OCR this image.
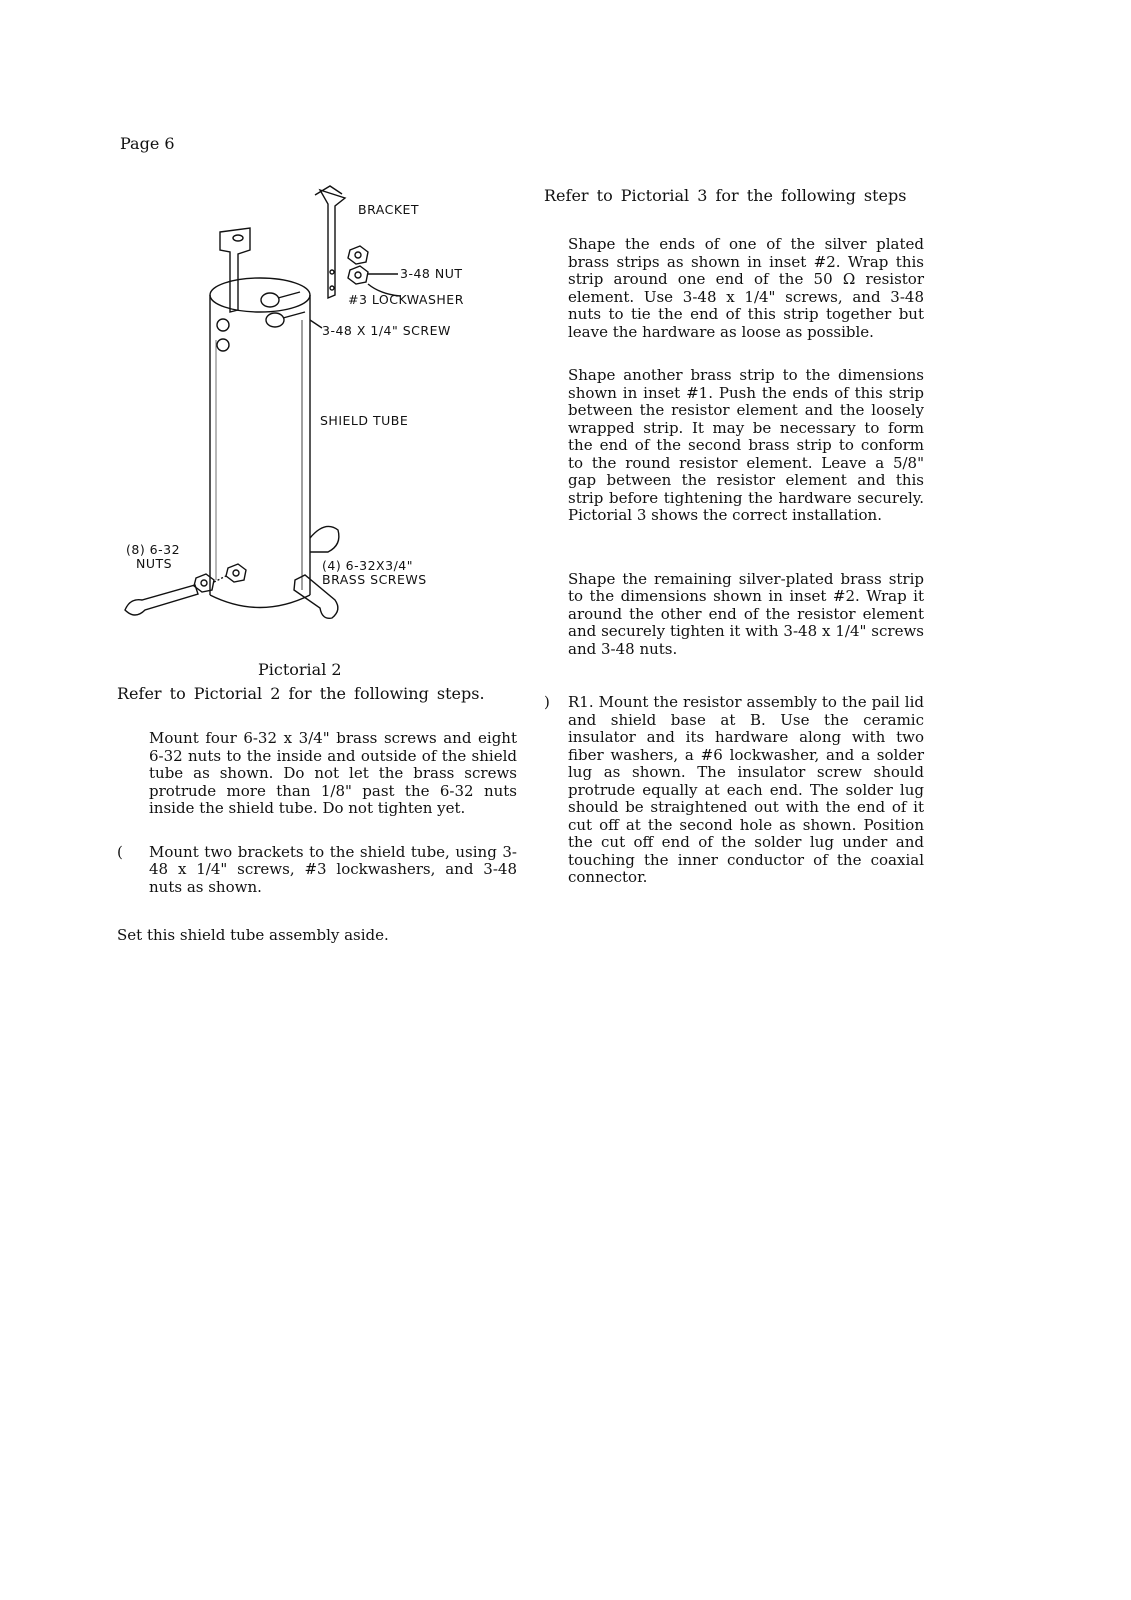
Page 6
BRACKET
3-48 NUT
#3 LOCKWASHER
3-48 X 1/4" SCREW
SHIELD TUBE
(8) 6-32
NUTS	(4) 6-32X3/4"
BRASS SCREWS
Pictorial 2
Refer to Pictorial 2 for the following steps.
Mount four 6-32 x 3/4" brass screws and eight 6-32 nuts to the inside and outside of the shield tube as shown. Do not let the brass screws protrude more than 1/8" past the 6-32 nuts inside the shield tube. Do not tighten yet.
( Mount two brackets to the shield tube, using 3-48 x 1/4" screws, #3 lockwashers, and 3-48 nuts as shown.
Set this shield tube assembly aside.
Refer to Pictorial 3 for the following steps
Shape the ends of one of the silver plated brass strips as shown in inset #2. Wrap this strip around one end of the 50 Ω resistor element. Use 3-48 x 1/4" screws, and 3-48 nuts to tie the end of this strip together but leave the hardware as loose as possible.
Shape another brass strip to the dimensions shown in inset #1. Push the ends of this strip between the resistor element and the loosely wrapped strip. It may be necessary to form the end of the second brass strip to conform to the round resistor element. Leave a 5/8" gap between the resistor element and this strip before tightening the hardware securely. Pictorial 3 shows the correct installation.
Shape the remaining silver-plated brass strip to the dimensions shown in inset #2. Wrap it around the other end of the resistor element and securely tighten it with 3-48 x 1/4" screws and 3-48 nuts.
) R1. Mount the resistor assembly to the pail lid and shield base at B. Use the ceramic insulator and its hardware along with two fiber washers, a #6 lockwasher, and a solder lug as shown. The insulator screw should protrude equally at each end. The solder lug should be straightened out with the end of it cut off at the second hole as shown. Position the cut off end of the solder lug under and touching the inner conductor of the coaxial connector.
